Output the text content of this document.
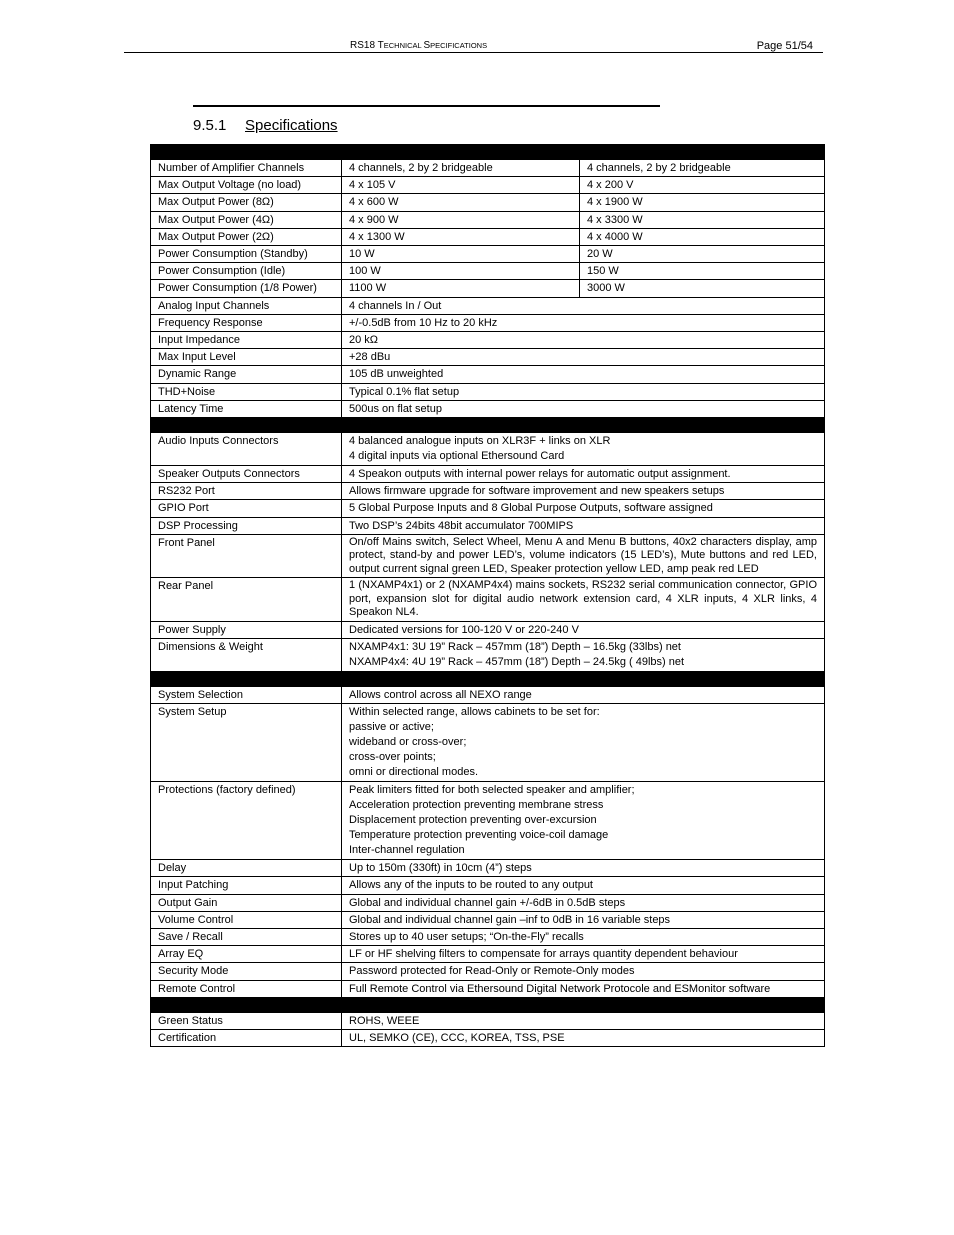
RS18 TECHNICAL SPECIFICATIONS	Page 51/54
9.5.1 Specifications

Number of Amplifier Channels	4 channels, 2 by 2 bridgeable	4 channels, 2 by 2 bridgeable
Max Output Voltage (no load)	4 x 105 V	4 x 200 V
Max Output Power (8Ω)	4 x 600 W	4 x 1900 W
Max Output Power (4Ω)	4 x 900 W	4 x 3300 W
Max Output Power (2Ω)	4 x 1300 W	4 x 4000 W
Power Consumption (Standby)	10 W	20 W
Power Consumption (Idle)	100 W	150 W
Power Consumption (1/8 Power)	1100 W	3000 W
Analog Input Channels	4 channels In / Out	
Frequency Response	+/-0.5dB from 10 Hz to 20 kHz	
Input Impedance	20 kΩ	
Max Input Level	+28 dBu	
Dynamic Range	105 dB unweighted	
THD+Noise	Typical 0.1% flat setup	
Latency Time	500us on flat setup	

Audio Inputs Connectors	4 balanced analogue inputs on XLR3F + links on XLR
4 digital inputs via optional Ethersound Card	

Speaker Outputs Connectors	4 Speakon outputs with internal power relays for automatic output assignment.	
RS232 Port	Allows firmware upgrade for software improvement and new speakers setups	
GPIO Port	5 Global Purpose Inputs and 8 Global Purpose Outputs, software assigned	
DSP Processing	Two DSP’s 24bits 48bit accumulator 700MIPS	
Front Panel	On/off Mains switch, Select Wheel, Menu A and Menu B buttons, 40x2 characters display, amp protect, stand-by and power LED’s, volume indicators (15 LED’s), Mute buttons and red LED, output current signal green LED, Speaker protection yellow LED, amp peak red LED	
Rear Panel	1 (NXAMP4x1) or 2 (NXAMP4x4) mains sockets, RS232 serial communication connector, GPIO port, expansion slot for digital audio network extension card, 4 XLR inputs, 4 XLR links, 4 Speakon NL4.	
Power Supply	Dedicated versions for 100-120 V or 220-240 V	
Dimensions & Weight	NXAMP4x1: 3U 19” Rack – 457mm (18”) Depth – 16.5kg (33lbs) net
NXAMP4x4: 4U 19” Rack – 457mm (18”) Depth – 24.5kg ( 49lbs) net	

System Selection	Allows control across all NEXO range	
System Setup	Within selected range, allows cabinets to be set for:
passive or active;
wideband or cross-over;
cross-over points;
omni or directional modes.	

Protections (factory defined)	Peak limiters fitted for both selected speaker and amplifier;
Acceleration protection preventing membrane stress
Displacement protection preventing over-excursion
Temperature protection preventing voice-coil damage
Inter-channel regulation	

Delay	Up to 150m (330ft) in 10cm (4”) steps	
Input Patching	Allows any of the inputs to be routed to any output	
Output Gain	Global and individual channel gain +/-6dB in 0.5dB steps	
Volume Control	Global and individual channel gain –inf to 0dB in 16 variable steps	
Save / Recall	Stores up to 40 user setups; “On-the-Fly” recalls	
Array EQ	LF or HF shelving filters to compensate for arrays quantity dependent behaviour	
Security Mode	Password protected for Read-Only or Remote-Only modes	
Remote Control	Full Remote Control via Ethersound Digital Network Protocole and ESMonitor software	

Green Status	ROHS, WEEE	
Certification	UL, SEMKO (CE), CCC, KOREA, TSS, PSE	
